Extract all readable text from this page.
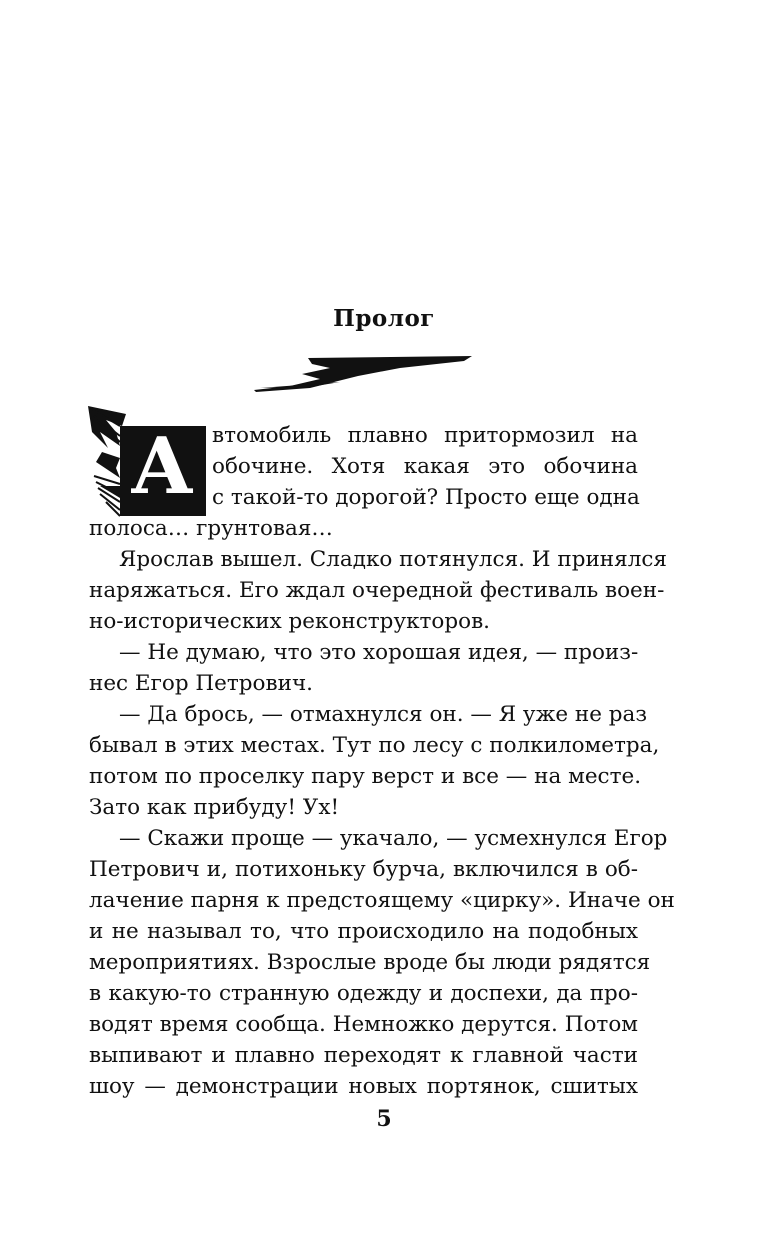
Пролог
А втомобиль плавно притормозил на
обочине. Хотя какая это обочина
с такой-то дорогой? Просто еще одна
полоса… грунтовая…
Ярослав вышел. Сладко потянулся. И принялся
наряжаться. Его ждал очередной фестиваль воен-
но-исторических реконструкторов.
— Не думаю, что это хорошая идея, — произ-
нес Егор Петрович.
— Да брось, — отмахнулся он. — Я уже не раз
бывал в этих местах. Тут по лесу с полкилометра,
потом по проселку пару верст и все — на месте.
Зато как прибуду! Ух!
— Скажи проще — укачало, — усмехнулся Егор
Петрович и, потихоньку бурча, включился в об-
лачение парня к предстоящему «цирку». Иначе он
и не называл то, что происходило на подобных
мероприятиях. Взрослые вроде бы люди рядятся
в какую-то странную одежду и доспехи, да про-
водят время сообща. Немножко дерутся. Потом
выпивают и плавно переходят к главной части
шоу — демонстрации новых портянок, сшитых
5
